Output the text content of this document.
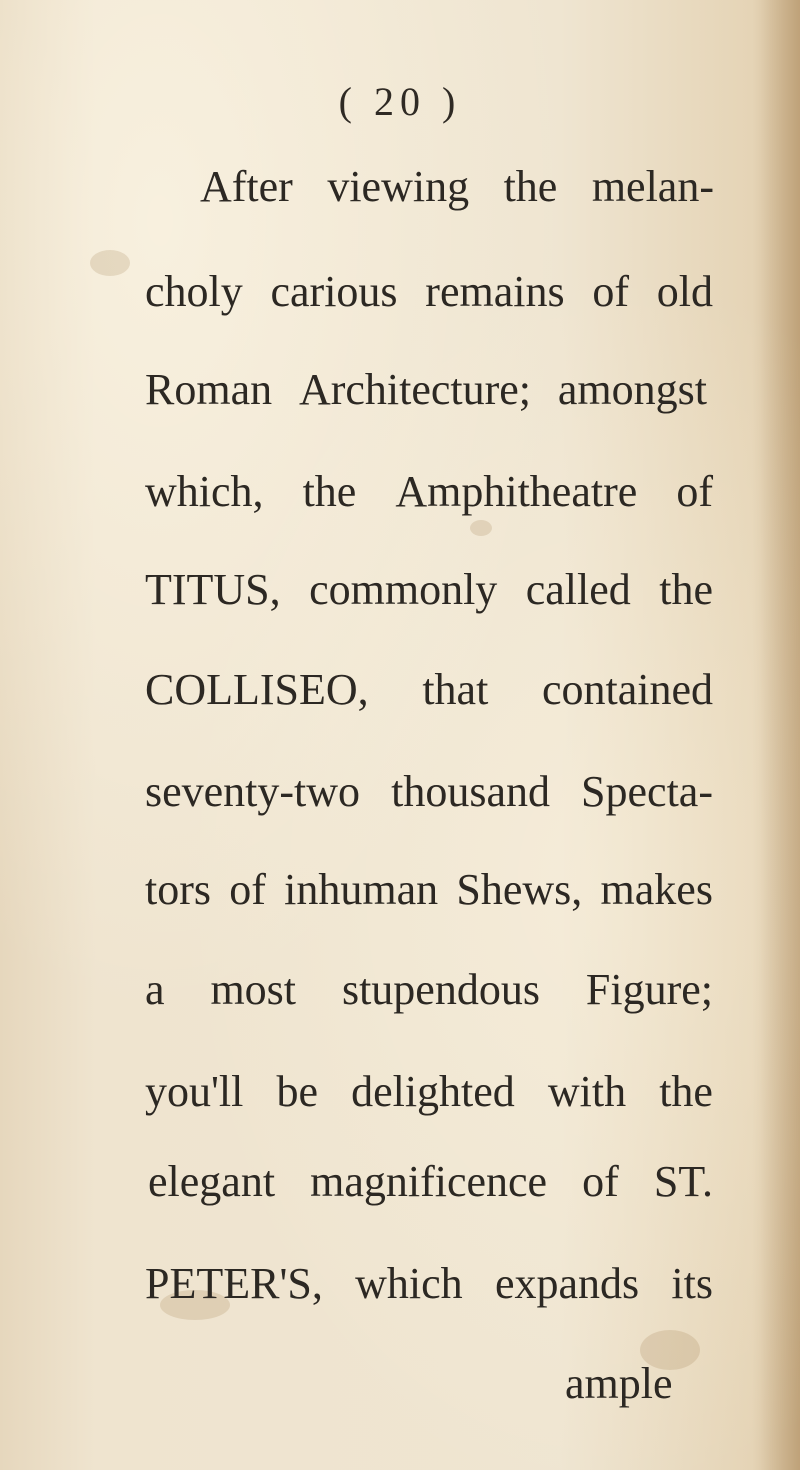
( 20 )
After viewing the melan-
choly carious remains of old
Roman Architecture; amongst
which, the Amphitheatre of
TITUS, commonly called the
COLLISEO, that contained
seventy-two thousand Specta-
tors of inhuman Shews, makes
a most stupendous Figure;
you'll be delighted with the
elegant magnificence of ST.
PETER'S, which expands its
ample
